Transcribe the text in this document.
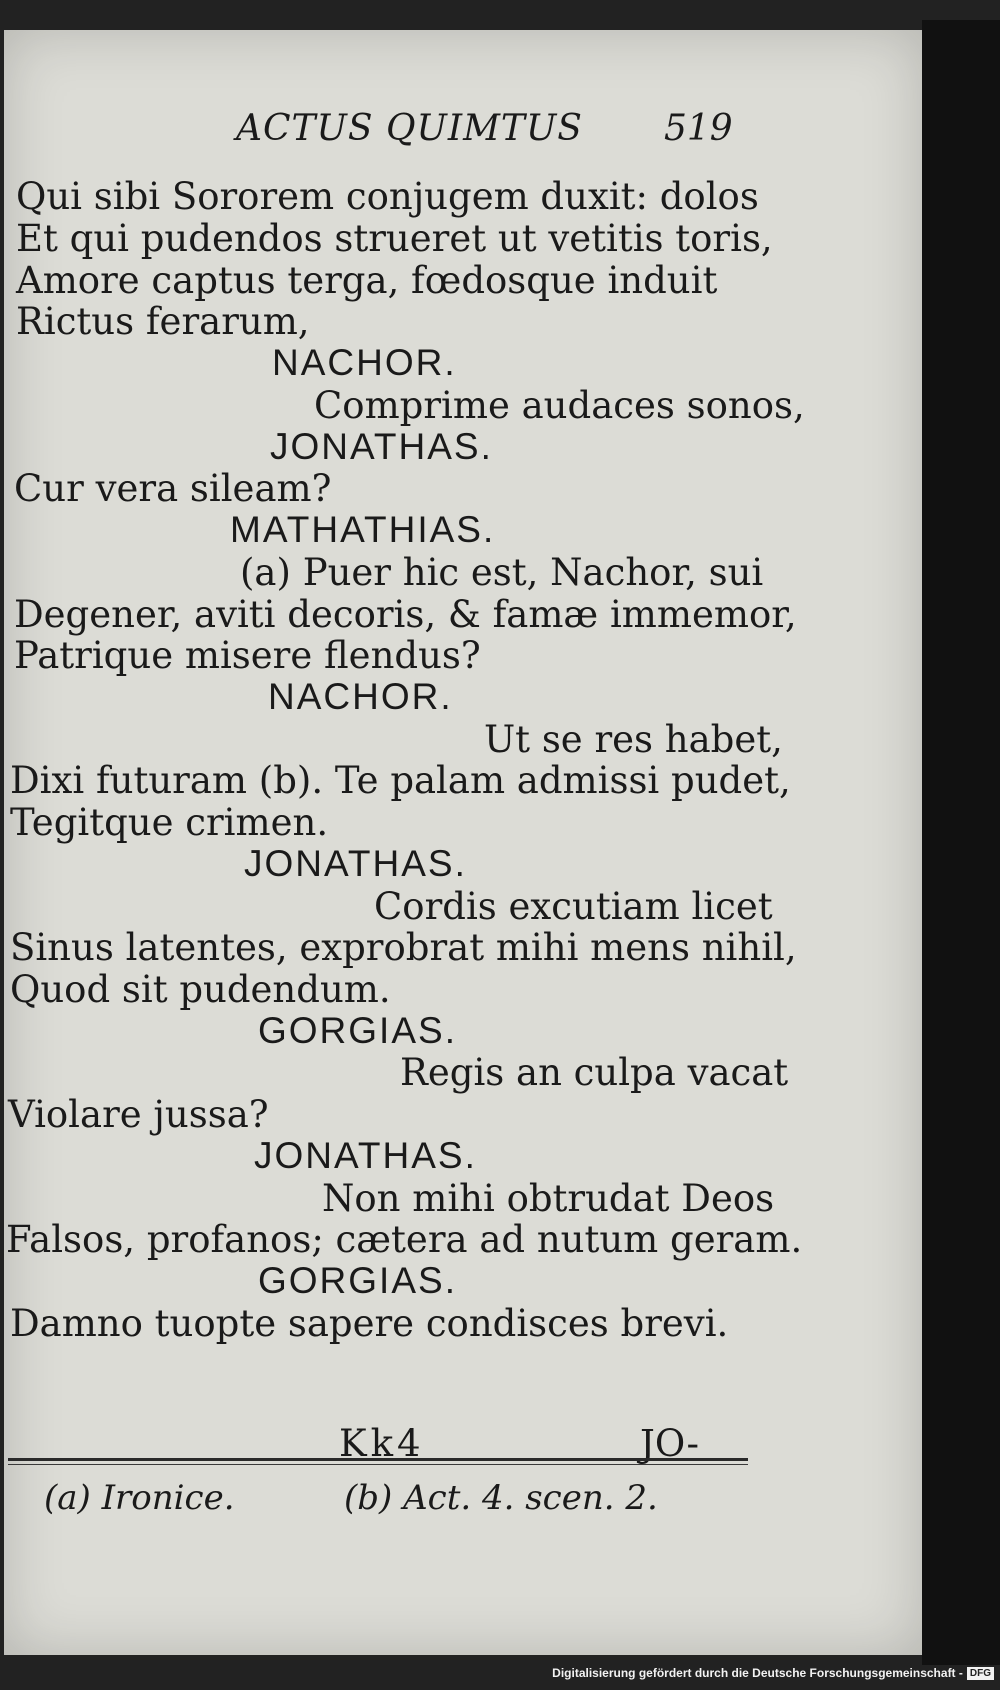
ACTUS QUIMTUS 519
Qui sibi Sororem conjugem duxit: dolos
Et qui pudendos strueret ut vetitis toris,
Amore captus terga, fœdosque induit
Rictus ferarum,
NACHOR.
Comprime audaces sonos,
JONATHAS.
Cur vera sileam?
MATHATHIAS.
(a) Puer hic est, Nachor, sui
Degener, aviti decoris, & famæ immemor,
Patrique misere flendus?
NACHOR.
Ut se res habet,
Dixi futuram (b). Te palam admissi pudet,
Tegitque crimen.
JONATHAS.
Cordis excutiam licet
Sinus latentes, exprobrat mihi mens nihil,
Quod sit pudendum.
GORGIAS.
Regis an culpa vacat
Violare jussa?
JONATHAS.
Non mihi obtrudat Deos
Falsos, profanos; cætera ad nutum geram.
GORGIAS.
Damno tuopte sapere condisces brevi.
Kk4	JO-
(a) Ironice.	(b) Act. 4. scen. 2.
Digitalisierung gefördert durch die Deutsche Forschungsgemeinschaft - DFG
